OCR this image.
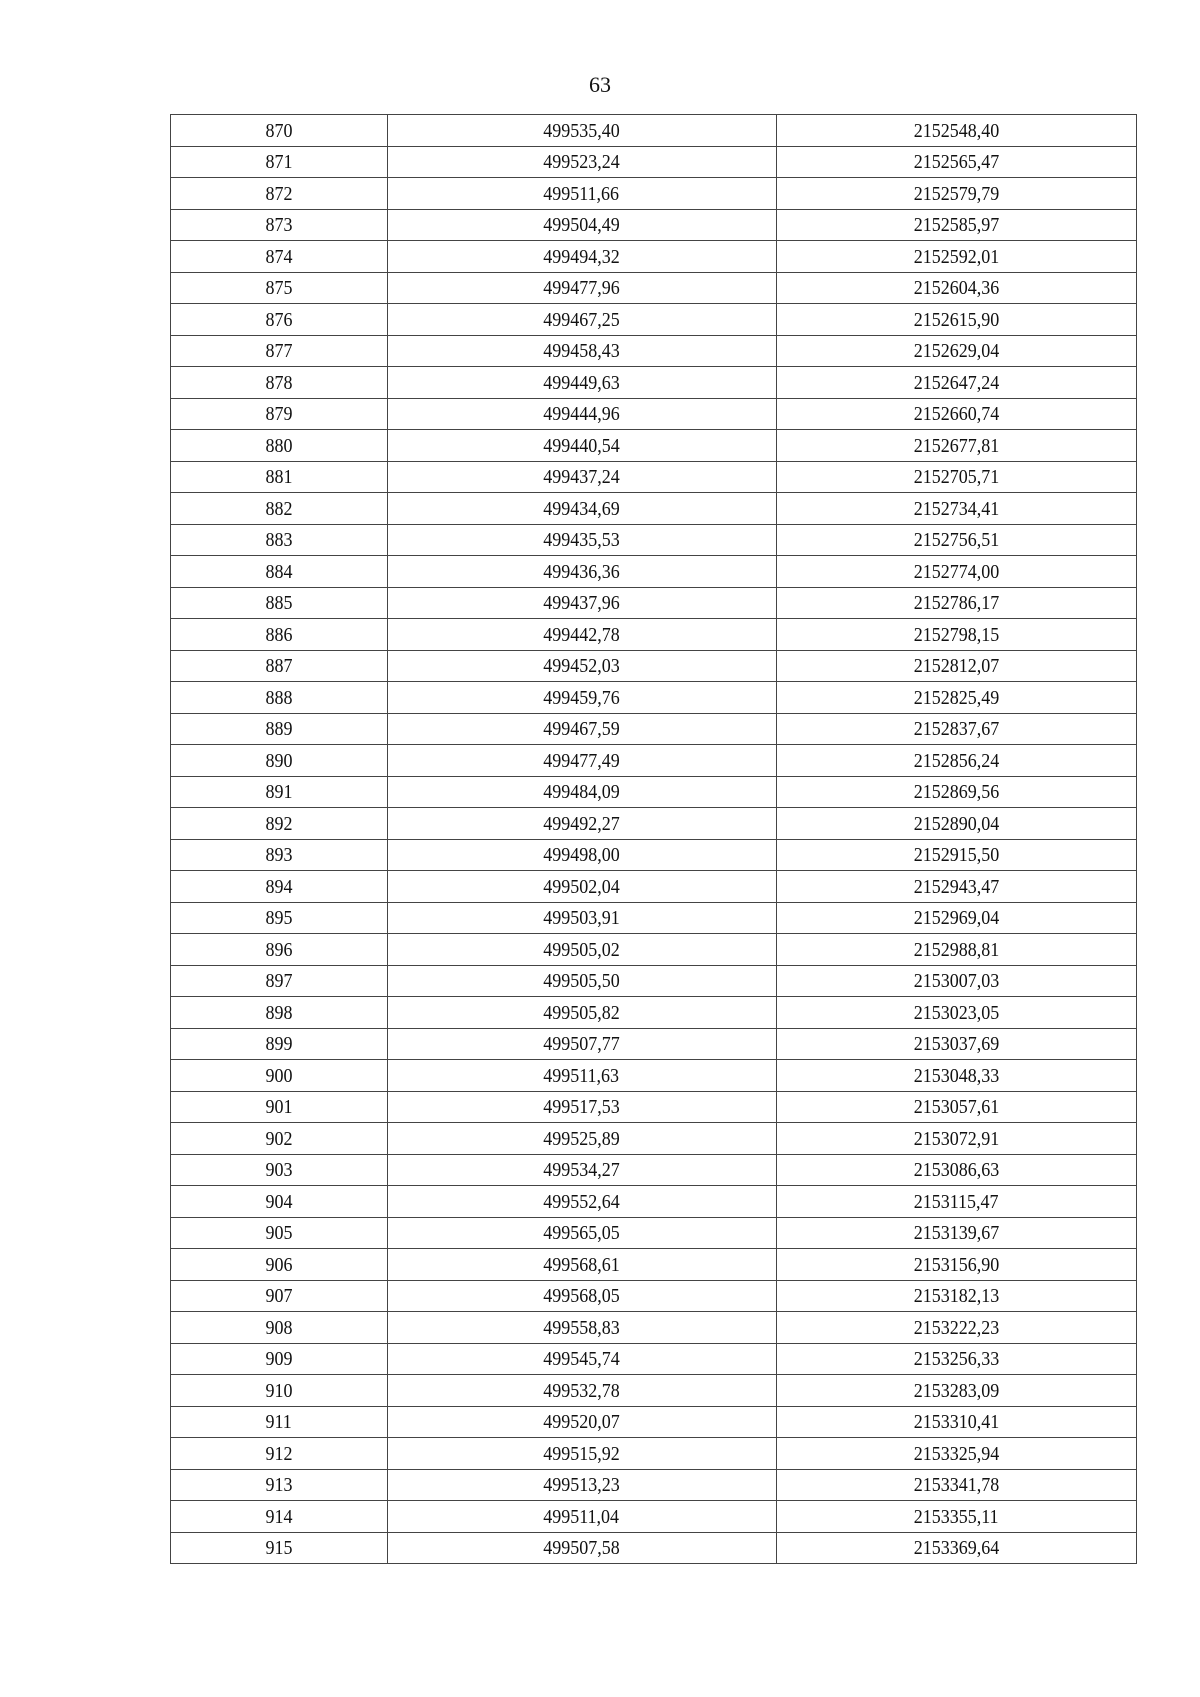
63
870	499535,40	2152548,40
871	499523,24	2152565,47
872	499511,66	2152579,79
873	499504,49	2152585,97
874	499494,32	2152592,01
875	499477,96	2152604,36
876	499467,25	2152615,90
877	499458,43	2152629,04
878	499449,63	2152647,24
879	499444,96	2152660,74
880	499440,54	2152677,81
881	499437,24	2152705,71
882	499434,69	2152734,41
883	499435,53	2152756,51
884	499436,36	2152774,00
885	499437,96	2152786,17
886	499442,78	2152798,15
887	499452,03	2152812,07
888	499459,76	2152825,49
889	499467,59	2152837,67
890	499477,49	2152856,24
891	499484,09	2152869,56
892	499492,27	2152890,04
893	499498,00	2152915,50
894	499502,04	2152943,47
895	499503,91	2152969,04
896	499505,02	2152988,81
897	499505,50	2153007,03
898	499505,82	2153023,05
899	499507,77	2153037,69
900	499511,63	2153048,33
901	499517,53	2153057,61
902	499525,89	2153072,91
903	499534,27	2153086,63
904	499552,64	2153115,47
905	499565,05	2153139,67
906	499568,61	2153156,90
907	499568,05	2153182,13
908	499558,83	2153222,23
909	499545,74	2153256,33
910	499532,78	2153283,09
911	499520,07	2153310,41
912	499515,92	2153325,94
913	499513,23	2153341,78
914	499511,04	2153355,11
915	499507,58	2153369,64
